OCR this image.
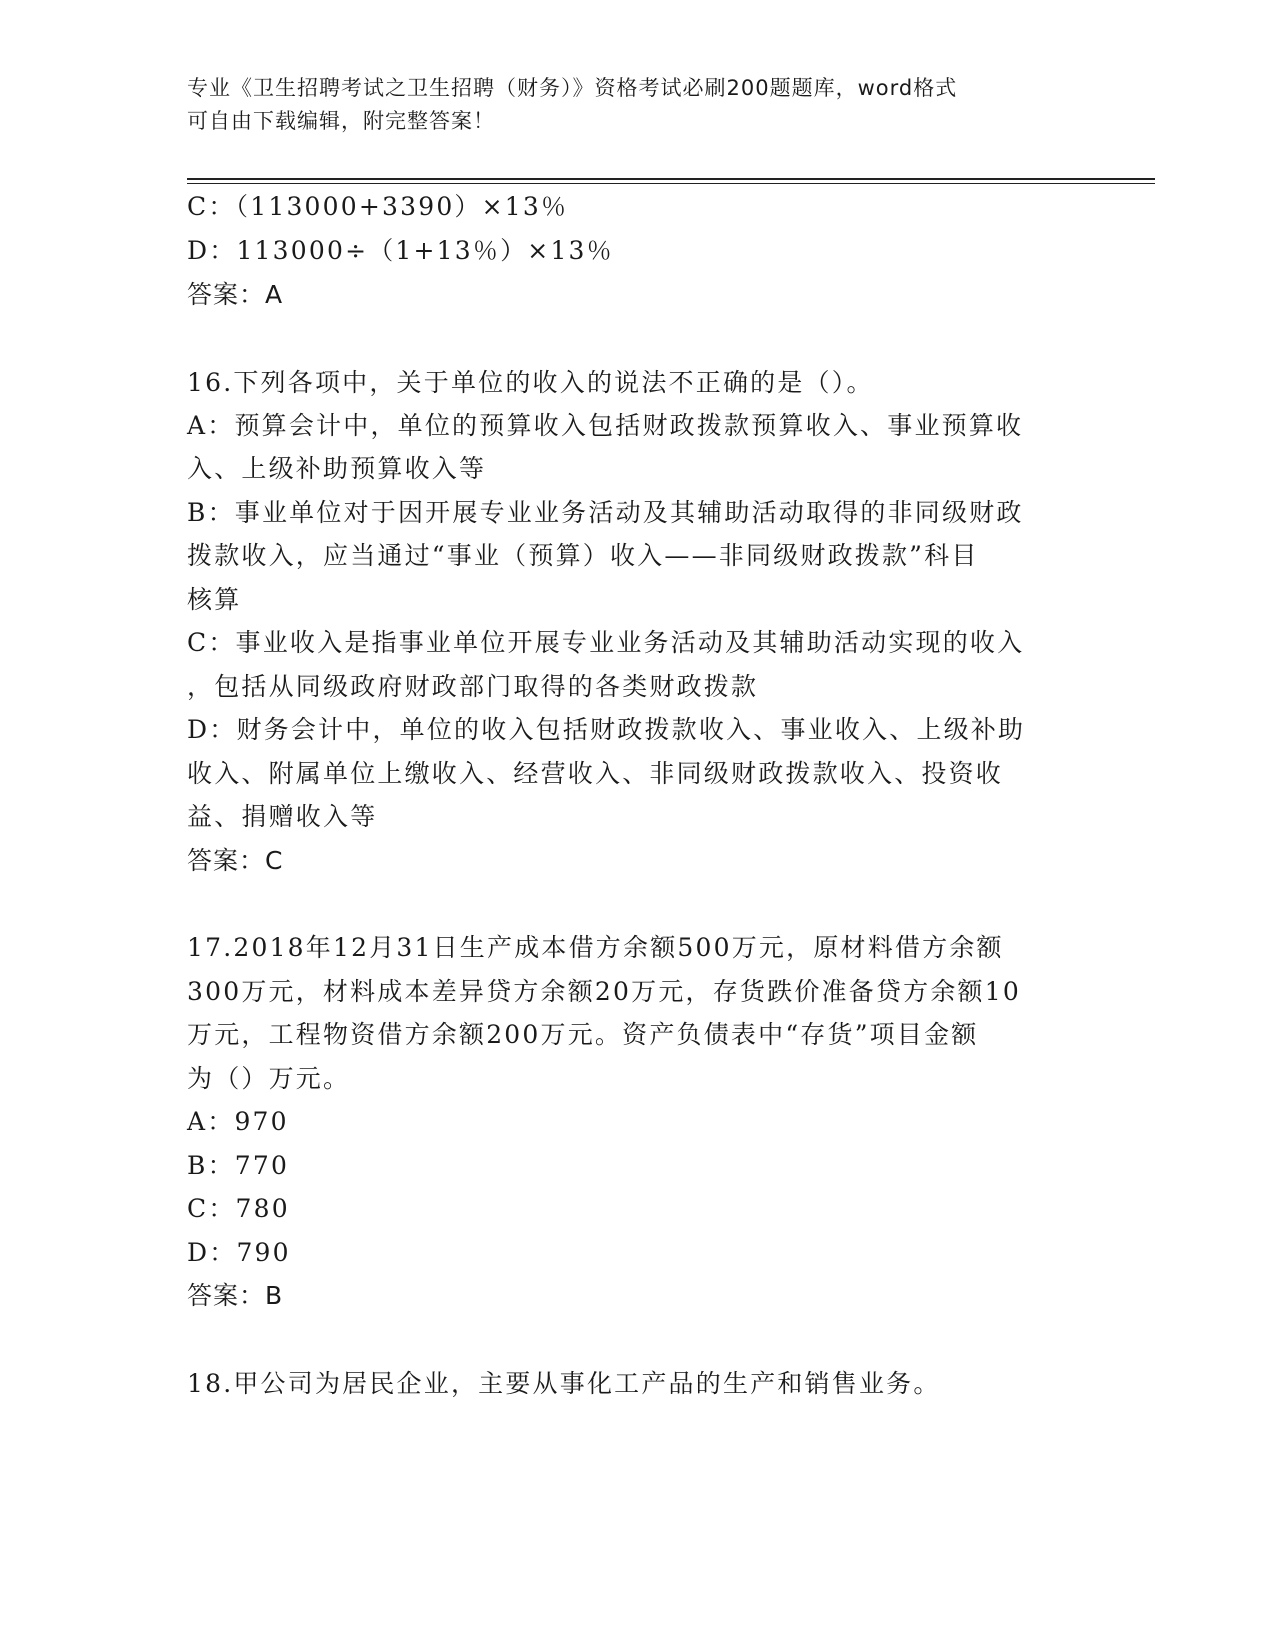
专业《卫生招聘考试之卫生招聘（财务）》资格考试必刷200题题库，word格式
可自由下载编辑，附完整答案！
C：（113000+3390）×13％
D：113000÷（1+13％）×13％
答案：A
16.下列各项中，关于单位的收入的说法不正确的是（）。
A：预算会计中，单位的预算收入包括财政拨款预算收入、事业预算收
入、上级补助预算收入等
B：事业单位对于因开展专业业务活动及其辅助活动取得的非同级财政
拨款收入，应当通过“事业（预算）收入——非同级财政拨款”科目
核算
C：事业收入是指事业单位开展专业业务活动及其辅助活动实现的收入
，包括从同级政府财政部门取得的各类财政拨款
D：财务会计中，单位的收入包括财政拨款收入、事业收入、上级补助
收入、附属单位上缴收入、经营收入、非同级财政拨款收入、投资收
益、捐赠收入等
答案：C
17.2018年12月31日生产成本借方余额500万元，原材料借方余额
300万元，材料成本差异贷方余额20万元，存货跌价准备贷方余额10
万元，工程物资借方余额200万元。资产负债表中“存货”项目金额
为（）万元。
A：970
B：770
C：780
D：790
答案：B
18.甲公司为居民企业，主要从事化工产品的生产和销售业务。
